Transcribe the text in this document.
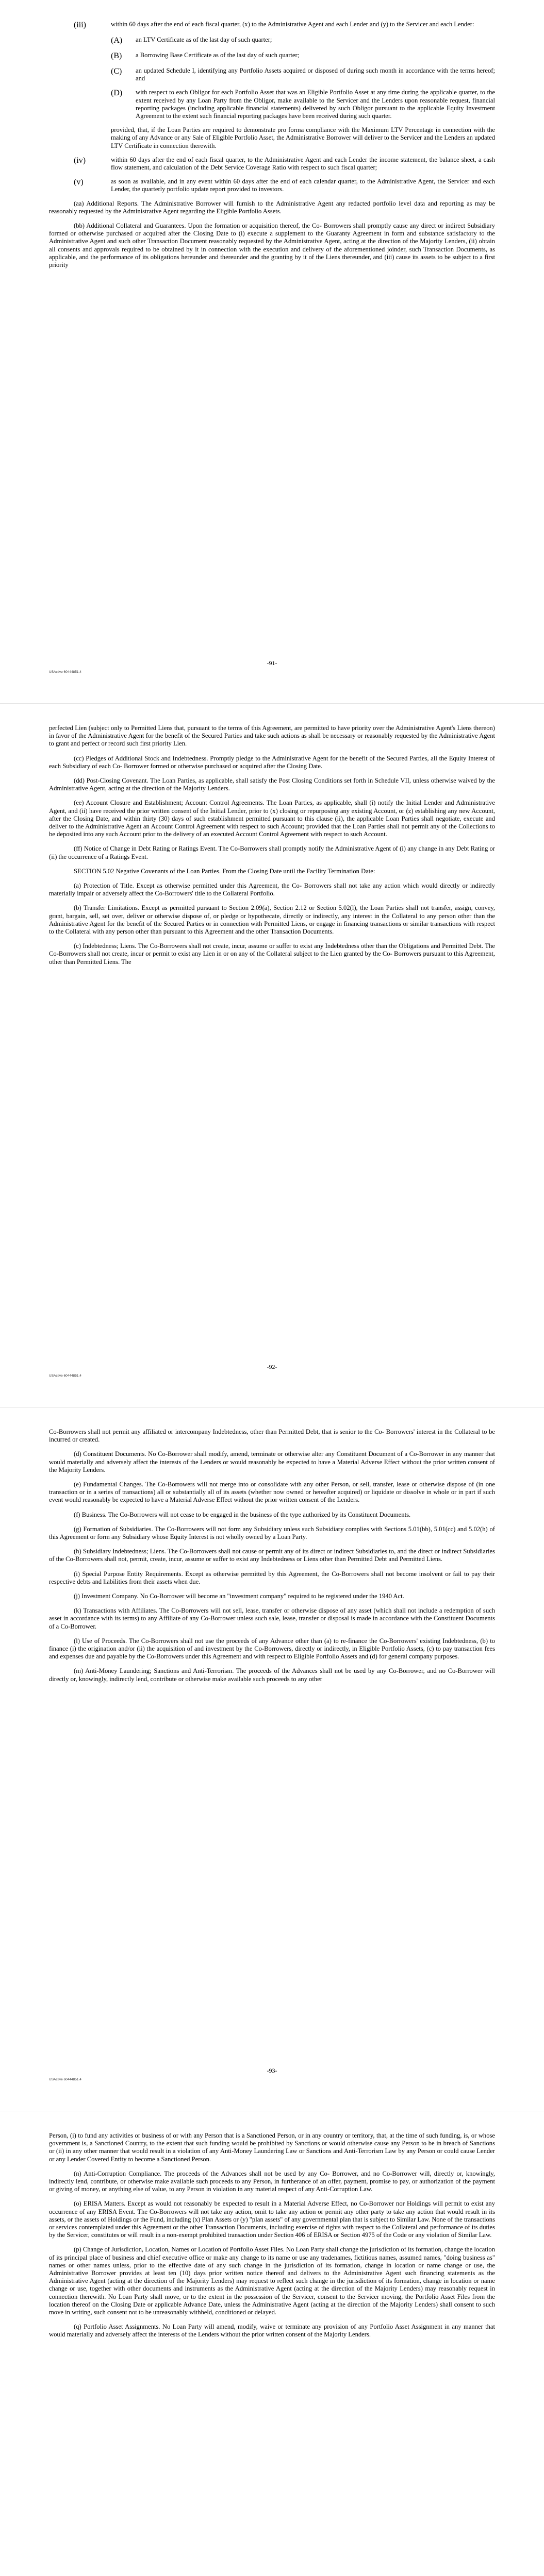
(iii)	within 60 days after the end of each fiscal quarter, (x) to the Administrative Agent and each Lender and (y) to the Servicer and each Lender:

(A)	an LTV Certificate as of the last day of such quarter;

(B)	a Borrowing Base Certificate as of the last day of such quarter;

(C)	an updated Schedule I, identifying any Portfolio Assets acquired or disposed of during such month in accordance with the terms hereof; and

(D)	with respect to each Obligor for each Portfolio Asset that was an Eligible Portfolio Asset at any time during the applicable quarter, to the extent received by any Loan Party from the Obligor, make available to the Servicer and the Lenders upon reasonable request, financial reporting packages (including applicable financial statements) delivered by such Obligor pursuant to the applicable Equity Investment Agreement to the extent such financial reporting packages have been received during such quarter.

provided, that, if the Loan Parties are required to demonstrate pro forma compliance with the Maximum LTV Percentage in connection with the making of any Advance or any Sale of Eligible Portfolio Asset, the Administrative Borrower will deliver to the Servicer and the Lenders an updated LTV Certificate in connection therewith.

(iv)	within 60 days after the end of each fiscal quarter, to the Administrative Agent and each Lender the income statement, the balance sheet, a cash flow statement, and calculation of the Debt Service Coverage Ratio with respect to such fiscal quarter;

(v)	as soon as available, and in any event within 60 days after the end of each calendar quarter, to the Administrative Agent, the Servicer and each Lender, the quarterly portfolio update report provided to investors.

(aa) Additional Reports. The Administrative Borrower will furnish to the Administrative Agent any redacted portfolio level data and reporting as may be reasonably requested by the Administrative Agent regarding the Eligible Portfolio Assets.

(bb) Additional Collateral and Guarantees. Upon the formation or acquisition thereof, the Co- Borrowers shall promptly cause any direct or indirect Subsidiary formed or otherwise purchased or acquired after the Closing Date to (i) execute a supplement to the Guaranty Agreement in form and substance satisfactory to the Administrative Agent and such other Transaction Document reasonably requested by the Administrative Agent, acting at the direction of the Majority Lenders, (ii) obtain all consents and approvals required to be obtained by it in connection with the execution and delivery of the aforementioned joinder, such Transaction Documents, as applicable, and the performance of its obligations hereunder and thereunder and the granting by it of the Liens thereunder, and (iii) cause its assets to be subject to a first priority

-91-
USActive 60444851.4

perfected Lien (subject only to Permitted Liens that, pursuant to the terms of this Agreement, are permitted to have priority over the Administrative Agent's Liens thereon) in favor of the Administrative Agent for the benefit of the Secured Parties and take such actions as shall be necessary or reasonably requested by the Administrative Agent to grant and perfect or record such first priority Lien.

(cc) Pledges of Additional Stock and Indebtedness. Promptly pledge to the Administrative Agent for the benefit of the Secured Parties, all the Equity Interest of each Subsidiary of each Co- Borrower formed or otherwise purchased or acquired after the Closing Date.

(dd) Post-Closing Covenant. The Loan Parties, as applicable, shall satisfy the Post Closing Conditions set forth in Schedule VII, unless otherwise waived by the Administrative Agent, acting at the direction of the Majority Lenders.

(ee) Account Closure and Establishment; Account Control Agreements. The Loan Parties, as applicable, shall (i) notify the Initial Lender and Administrative Agent, and (ii) have received the prior written consent of the Initial Lender, prior to (x) closing or repurposing any existing Account, or (z) establishing any new Account, after the Closing Date, and within thirty (30) days of such establishment permitted pursuant to this clause (ii), the applicable Loan Parties shall negotiate, execute and deliver to the Administrative Agent an Account Control Agreement with respect to such Account; provided that the Loan Parties shall not permit any of the Collections to be deposited into any such Account prior to the delivery of an executed Account Control Agreement with respect to such Account.

(ff) Notice of Change in Debt Rating or Ratings Event. The Co-Borrowers shall promptly notify the Administrative Agent of (i) any change in any Debt Rating or (ii) the occurrence of a Ratings Event.

SECTION 5.02 Negative Covenants of the Loan Parties. From the Closing Date until the Facility Termination Date:

(a) Protection of Title. Except as otherwise permitted under this Agreement, the Co- Borrowers shall not take any action which would directly or indirectly materially impair or adversely affect the Co-Borrowers' title to the Collateral Portfolio.

(b) Transfer Limitations. Except as permitted pursuant to Section 2.09(a), Section 2.12 or Section 5.02(l), the Loan Parties shall not transfer, assign, convey, grant, bargain, sell, set over, deliver or otherwise dispose of, or pledge or hypothecate, directly or indirectly, any interest in the Collateral to any person other than the Administrative Agent for the benefit of the Secured Parties or in connection with Permitted Liens, or engage in financing transactions or similar transactions with respect to the Collateral with any person other than pursuant to this Agreement and the other Transaction Documents.

(c) Indebtedness; Liens. The Co-Borrowers shall not create, incur, assume or suffer to exist any Indebtedness other than the Obligations and Permitted Debt. The Co-Borrowers shall not create, incur or permit to exist any Lien in or on any of the Collateral subject to the Lien granted by the Co- Borrowers pursuant to this Agreement, other than Permitted Liens. The

-92-
USActive 60444851.4

Co-Borrowers shall not permit any affiliated or intercompany Indebtedness, other than Permitted Debt, that is senior to the Co- Borrowers' interest in the Collateral to be incurred or created.

(d) Constituent Documents. No Co-Borrower shall modify, amend, terminate or otherwise alter any Constituent Document of a Co-Borrower in any manner that would materially and adversely affect the interests of the Lenders or would reasonably be expected to have a Material Adverse Effect without the prior written consent of the Majority Lenders.

(e) Fundamental Changes. The Co-Borrowers will not merge into or consolidate with any other Person, or sell, transfer, lease or otherwise dispose of (in one transaction or in a series of transactions) all or substantially all of its assets (whether now owned or hereafter acquired) or liquidate or dissolve in whole or in part if such event would reasonably be expected to have a Material Adverse Effect without the prior written consent of the Lenders.

(f) Business. The Co-Borrowers will not cease to be engaged in the business of the type authorized by its Constituent Documents.

(g) Formation of Subsidiaries. The Co-Borrowers will not form any Subsidiary unless such Subsidiary complies with Sections 5.01(bb), 5.01(cc) and 5.02(h) of this Agreement or form any Subsidiary whose Equity Interest is not wholly owned by a Loan Party.

(h) Subsidiary Indebtedness; Liens. The Co-Borrowers shall not cause or permit any of its direct or indirect Subsidiaries to, and the direct or indirect Subsidiaries of the Co-Borrowers shall not, permit, create, incur, assume or suffer to exist any Indebtedness or Liens other than Permitted Debt and Permitted Liens.

(i) Special Purpose Entity Requirements. Except as otherwise permitted by this Agreement, the Co-Borrowers shall not become insolvent or fail to pay their respective debts and liabilities from their assets when due.

(j) Investment Company. No Co-Borrower will become an "investment company" required to be registered under the 1940 Act.

(k) Transactions with Affiliates. The Co-Borrowers will not sell, lease, transfer or otherwise dispose of any asset (which shall not include a redemption of such asset in accordance with its terms) to any Affiliate of any Co-Borrower unless such sale, lease, transfer or disposal is made in accordance with the Constituent Documents of a Co-Borrower.

(l) Use of Proceeds. The Co-Borrowers shall not use the proceeds of any Advance other than (a) to re-finance the Co-Borrowers' existing Indebtedness, (b) to finance (i) the origination and/or (ii) the acquisition of and investment by the Co-Borrowers, directly or indirectly, in Eligible Portfolio Assets, (c) to pay transaction fees and expenses due and payable by the Co-Borrowers under this Agreement and with respect to Eligible Portfolio Assets and (d) for general company purposes.

(m) Anti-Money Laundering; Sanctions and Anti-Terrorism. The proceeds of the Advances shall not be used by any Co-Borrower, and no Co-Borrower will directly or, knowingly, indirectly lend, contribute or otherwise make available such proceeds to any other

-93-
USActive 60444851.4

Person, (i) to fund any activities or business of or with any Person that is a Sanctioned Person, or in any country or territory, that, at the time of such funding, is, or whose government is, a Sanctioned Country, to the extent that such funding would be prohibited by Sanctions or would otherwise cause any Person to be in breach of Sanctions or (ii) in any other manner that would result in a violation of any Anti-Money Laundering Law or Sanctions and Anti-Terrorism Law by any Person or could cause Lender or any Lender Covered Entity to become a Sanctioned Person.

(n) Anti-Corruption Compliance. The proceeds of the Advances shall not be used by any Co- Borrower, and no Co-Borrower will, directly or, knowingly, indirectly lend, contribute, or otherwise make available such proceeds to any Person, in furtherance of an offer, payment, promise to pay, or authorization of the payment or giving of money, or anything else of value, to any Person in violation in any material respect of any Anti-Corruption Law.

(o) ERISA Matters. Except as would not reasonably be expected to result in a Material Adverse Effect, no Co-Borrower nor Holdings will permit to exist any occurrence of any ERISA Event. The Co-Borrowers will not take any action, omit to take any action or permit any other party to take any action that would result in its assets, or the assets of Holdings or the Fund, including (x) Plan Assets or (y) "plan assets" of any governmental plan that is subject to Similar Law. None of the transactions or services contemplated under this Agreement or the other Transaction Documents, including exercise of rights with respect to the Collateral and performance of its duties by the Servicer, constitutes or will result in a non-exempt prohibited transaction under Section 406 of ERISA or Section 4975 of the Code or any violation of Similar Law.

(p) Change of Jurisdiction, Location, Names or Location of Portfolio Asset Files. No Loan Party shall change the jurisdiction of its formation, change the location of its principal place of business and chief executive office or make any change to its name or use any tradenames, fictitious names, assumed names, "doing business as" names or other names unless, prior to the effective date of any such change in the jurisdiction of its formation, change in location or name change or use, the Administrative Borrower provides at least ten (10) days prior written notice thereof and delivers to the Administrative Agent such financing statements as the Administrative Agent (acting at the direction of the Majority Lenders) may request to reflect such change in the jurisdiction of its formation, change in location or name change or use, together with other documents and instruments as the Administrative Agent (acting at the direction of the Majority Lenders) may reasonably request in connection therewith. No Loan Party shall move, or to the extent in the possession of the Servicer, consent to the Servicer moving, the Portfolio Asset Files from the location thereof on the Closing Date or applicable Advance Date, unless the Administrative Agent (acting at the direction of the Majority Lenders) shall consent to such move in writing, such consent not to be unreasonably withheld, conditioned or delayed.

(q) Portfolio Asset Assignments. No Loan Party will amend, modify, waive or terminate any provision of any Portfolio Asset Assignment in any manner that would materially and adversely affect the interests of the Lenders without the prior written consent of the Majority Lenders.
